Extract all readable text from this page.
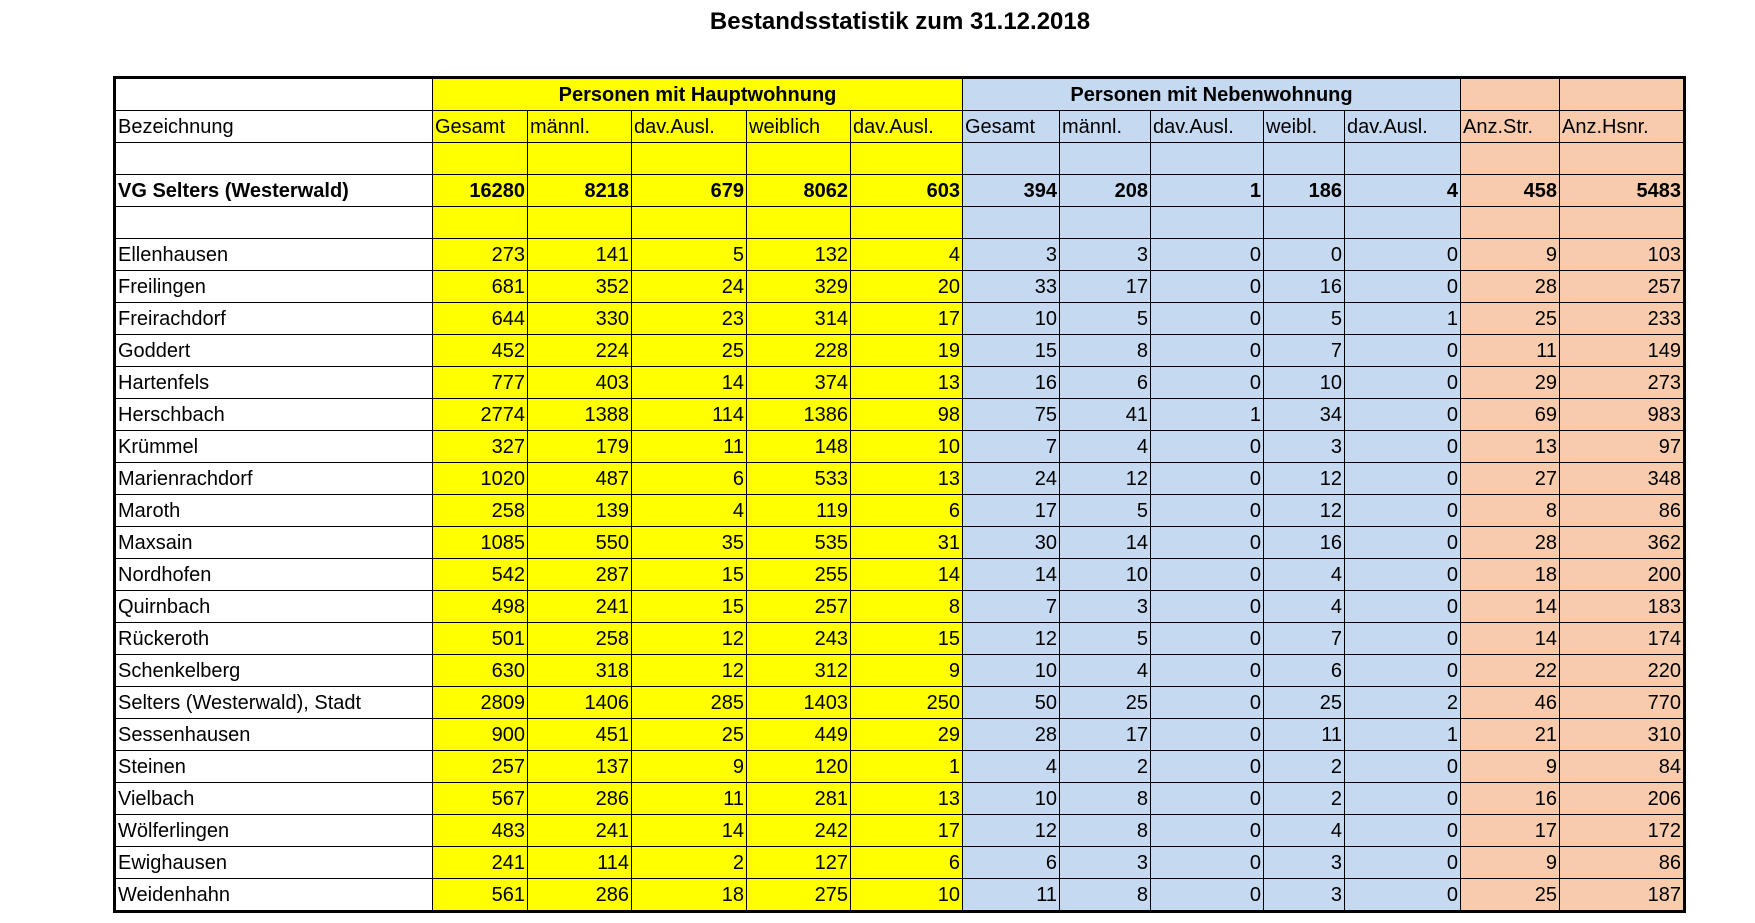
Bestandsstatistik zum 31.12.2018
	Personen mit Hauptwohnung					Personen mit Nebenwohnung						
Bezeichnung	Gesamt	männl.	dav.Ausl.	weiblich	dav.Ausl.	Gesamt	männl.	dav.Ausl.	weibl.	dav.Ausl.	Anz.Str.	Anz.Hsnr.

VG Selters (Westerwald)	16280	8218	679	8062	603	394	208	1	186	4	458	5483

Ellenhausen	273	141	5	132	4	3	3	0	0	0	9	103
Freilingen	681	352	24	329	20	33	17	0	16	0	28	257
Freirachdorf	644	330	23	314	17	10	5	0	5	1	25	233
Goddert	452	224	25	228	19	15	8	0	7	0	11	149
Hartenfels	777	403	14	374	13	16	6	0	10	0	29	273
Herschbach	2774	1388	114	1386	98	75	41	1	34	0	69	983
Krümmel	327	179	11	148	10	7	4	0	3	0	13	97
Marienrachdorf	1020	487	6	533	13	24	12	0	12	0	27	348
Maroth	258	139	4	119	6	17	5	0	12	0	8	86
Maxsain	1085	550	35	535	31	30	14	0	16	0	28	362
Nordhofen	542	287	15	255	14	14	10	0	4	0	18	200
Quirnbach	498	241	15	257	8	7	3	0	4	0	14	183
Rückeroth	501	258	12	243	15	12	5	0	7	0	14	174
Schenkelberg	630	318	12	312	9	10	4	0	6	0	22	220
Selters (Westerwald), Stadt	2809	1406	285	1403	250	50	25	0	25	2	46	770
Sessenhausen	900	451	25	449	29	28	17	0	11	1	21	310
Steinen	257	137	9	120	1	4	2	0	2	0	9	84
Vielbach	567	286	11	281	13	10	8	0	2	0	16	206
Wölferlingen	483	241	14	242	17	12	8	0	4	0	17	172
Ewighausen	241	114	2	127	6	6	3	0	3	0	9	86
Weidenhahn	561	286	18	275	10	11	8	0	3	0	25	187
